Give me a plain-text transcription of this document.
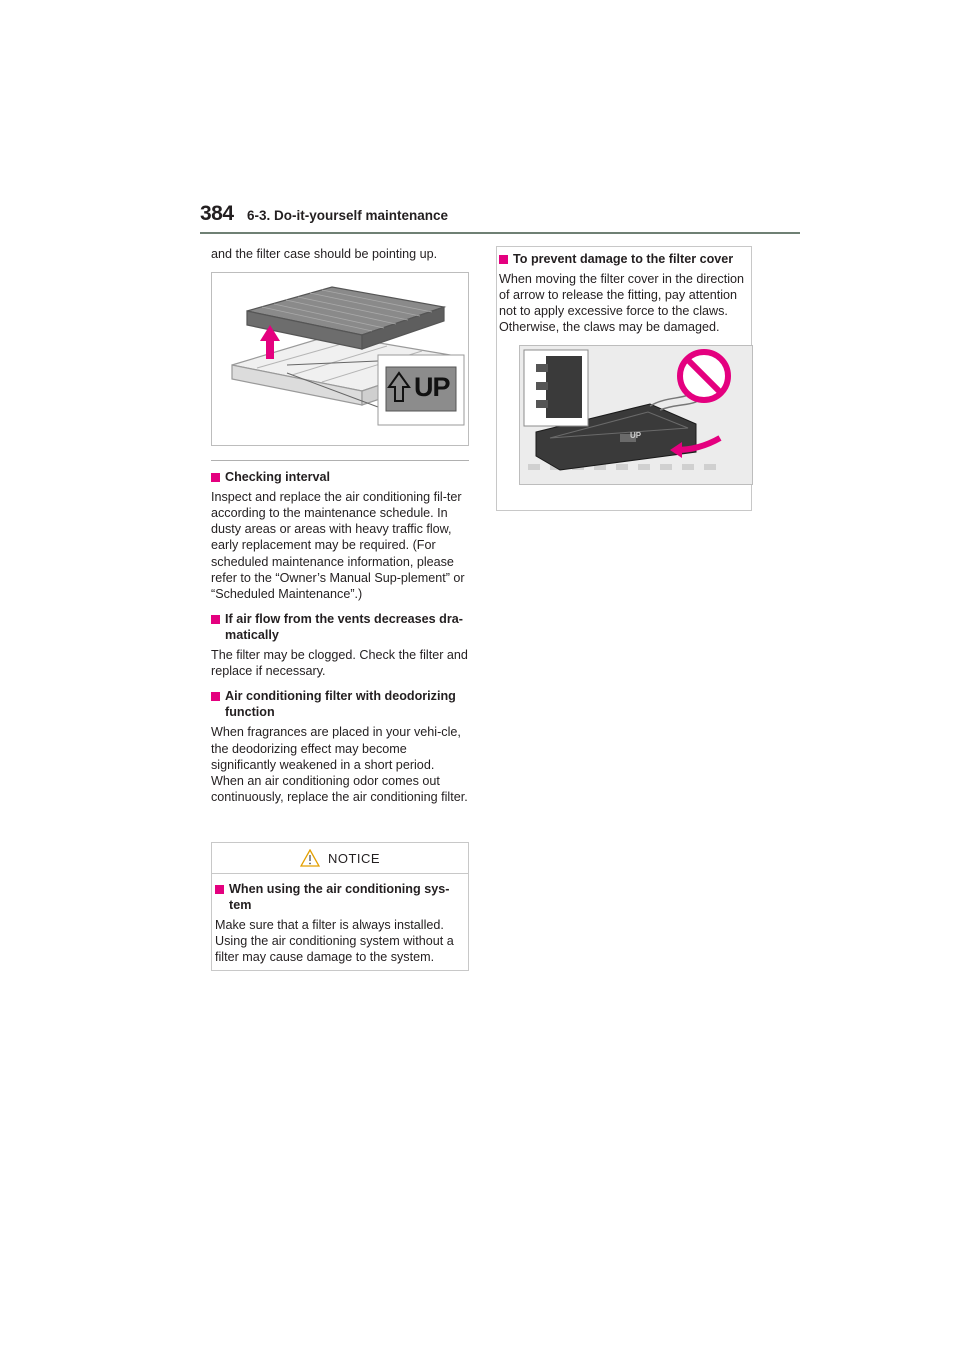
384 6-3. Do-it-yourself maintenance

and the filter case should be pointing up.

UP
Checking interval

Inspect and replace the air conditioning fil-ter according to the maintenance schedule. In dusty areas or areas with heavy traffic flow, early replacement may be required. (For scheduled maintenance information, please refer to the “Owner’s Manual Sup-plement” or “Scheduled Maintenance”.)

If air flow from the vents decreases dra-matically

The filter may be clogged. Check the filter and replace if necessary.

Air conditioning filter with deodorizing function

When fragrances are placed in your vehi-cle, the deodorizing effect may become significantly weakened in a short period. When an air conditioning odor comes out continuously, replace the air conditioning filter.

NOTICE
When using the air conditioning sys-tem

Make sure that a filter is always installed. Using the air conditioning system without a filter may cause damage to the system.

To prevent damage to the filter cover

When moving the filter cover in the direction of arrow to release the fitting, pay attention not to apply excessive force to the claws. Otherwise, the claws may be damaged.

UP
